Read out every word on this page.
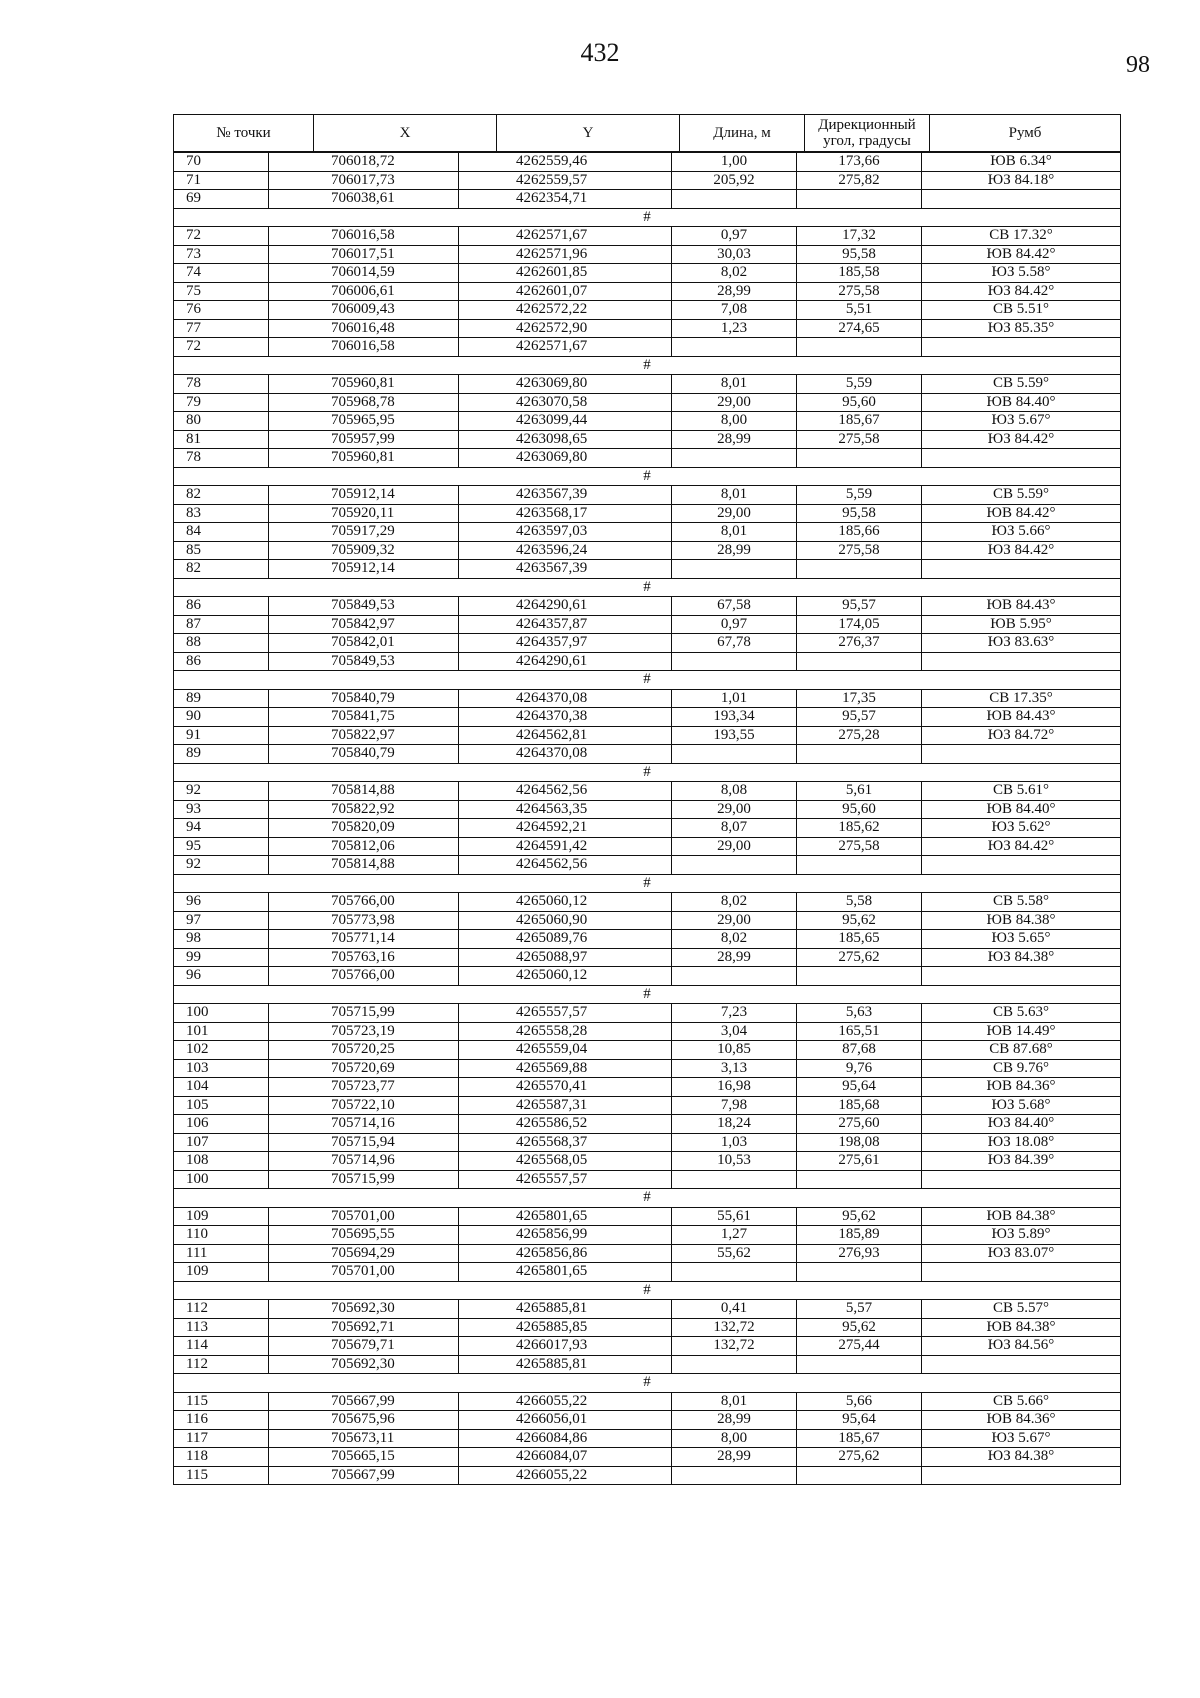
432	98
№ точки	X	Y	Длина, м	Дирекционный угол, градусы	Румб
70	706018,72	4262559,46	1,00	173,66	ЮВ 6.34°
71	706017,73	4262559,57	205,92	275,82	ЮЗ 84.18°
69	706038,61	4262354,71			
#					
72	706016,58	4262571,67	0,97	17,32	СВ 17.32°
73	706017,51	4262571,96	30,03	95,58	ЮВ 84.42°
74	706014,59	4262601,85	8,02	185,58	ЮЗ 5.58°
75	706006,61	4262601,07	28,99	275,58	ЮЗ 84.42°
76	706009,43	4262572,22	7,08	5,51	СВ 5.51°
77	706016,48	4262572,90	1,23	274,65	ЮЗ 85.35°
72	706016,58	4262571,67			
#					
78	705960,81	4263069,80	8,01	5,59	СВ 5.59°
79	705968,78	4263070,58	29,00	95,60	ЮВ 84.40°
80	705965,95	4263099,44	8,00	185,67	ЮЗ 5.67°
81	705957,99	4263098,65	28,99	275,58	ЮЗ 84.42°
78	705960,81	4263069,80			
#					
82	705912,14	4263567,39	8,01	5,59	СВ 5.59°
83	705920,11	4263568,17	29,00	95,58	ЮВ 84.42°
84	705917,29	4263597,03	8,01	185,66	ЮЗ 5.66°
85	705909,32	4263596,24	28,99	275,58	ЮЗ 84.42°
82	705912,14	4263567,39			
#					
86	705849,53	4264290,61	67,58	95,57	ЮВ 84.43°
87	705842,97	4264357,87	0,97	174,05	ЮВ 5.95°
88	705842,01	4264357,97	67,78	276,37	ЮЗ 83.63°
86	705849,53	4264290,61			
#					
89	705840,79	4264370,08	1,01	17,35	СВ 17.35°
90	705841,75	4264370,38	193,34	95,57	ЮВ 84.43°
91	705822,97	4264562,81	193,55	275,28	ЮЗ 84.72°
89	705840,79	4264370,08			
#					
92	705814,88	4264562,56	8,08	5,61	СВ 5.61°
93	705822,92	4264563,35	29,00	95,60	ЮВ 84.40°
94	705820,09	4264592,21	8,07	185,62	ЮЗ 5.62°
95	705812,06	4264591,42	29,00	275,58	ЮЗ 84.42°
92	705814,88	4264562,56			
#					
96	705766,00	4265060,12	8,02	5,58	СВ 5.58°
97	705773,98	4265060,90	29,00	95,62	ЮВ 84.38°
98	705771,14	4265089,76	8,02	185,65	ЮЗ 5.65°
99	705763,16	4265088,97	28,99	275,62	ЮЗ 84.38°
96	705766,00	4265060,12			
#					
100	705715,99	4265557,57	7,23	5,63	СВ 5.63°
101	705723,19	4265558,28	3,04	165,51	ЮВ 14.49°
102	705720,25	4265559,04	10,85	87,68	СВ 87.68°
103	705720,69	4265569,88	3,13	9,76	СВ 9.76°
104	705723,77	4265570,41	16,98	95,64	ЮВ 84.36°
105	705722,10	4265587,31	7,98	185,68	ЮЗ 5.68°
106	705714,16	4265586,52	18,24	275,60	ЮЗ 84.40°
107	705715,94	4265568,37	1,03	198,08	ЮЗ 18.08°
108	705714,96	4265568,05	10,53	275,61	ЮЗ 84.39°
100	705715,99	4265557,57			
#					
109	705701,00	4265801,65	55,61	95,62	ЮВ 84.38°
110	705695,55	4265856,99	1,27	185,89	ЮЗ 5.89°
111	705694,29	4265856,86	55,62	276,93	ЮЗ 83.07°
109	705701,00	4265801,65			
#					
112	705692,30	4265885,81	0,41	5,57	СВ 5.57°
113	705692,71	4265885,85	132,72	95,62	ЮВ 84.38°
114	705679,71	4266017,93	132,72	275,44	ЮЗ 84.56°
112	705692,30	4265885,81			
#					
115	705667,99	4266055,22	8,01	5,66	СВ 5.66°
116	705675,96	4266056,01	28,99	95,64	ЮВ 84.36°
117	705673,11	4266084,86	8,00	185,67	ЮЗ 5.67°
118	705665,15	4266084,07	28,99	275,62	ЮЗ 84.38°
115	705667,99	4266055,22			
